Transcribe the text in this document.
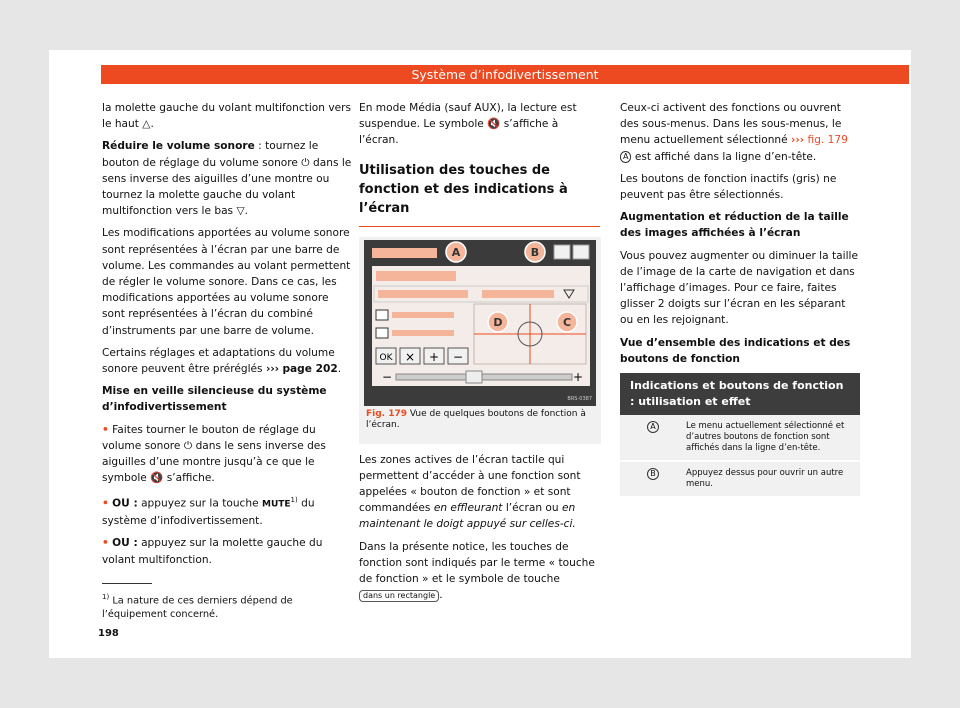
Système d’infodivertissement

la molette gauche du volant multifonction vers le haut △.

Réduire le volume sonore : tournez le bouton de réglage du volume sonore ⏻ dans le sens inverse des aiguilles d’une montre ou tournez la molette gauche du volant multifonction vers le bas ▽.

Les modifications apportées au volume sonore sont représentées à l’écran par une barre de volume. Les commandes au volant permettent de régler le volume sonore. Dans ce cas, les modifications apportées au volume sonore sont représentées à l’écran du combiné d’instruments par une barre de volume.

Certains réglages et adaptations du volume sonore peuvent être préréglés ››› page 202.

Mise en veille silencieuse du système d’infodivertissement

• Faites tourner le bouton de réglage du volume sonore ⏻ dans le sens inverse des aiguilles d’une montre jusqu’à ce que le symbole 🔇 s’affiche.

• OU : appuyez sur la touche MUTE$^{1)}$ du système d’infodivertissement.

• OU : appuyez sur la molette gauche du volant multifonction.

$^{1)}$ La nature de ces derniers dépend de l’équipement concerné.
198

En mode Média (sauf AUX), la lecture est suspendue. Le symbole 🔇 s’affiche à l’écran.

Utilisation des touches de fonction et des indications à l’écran
OK × + −
−	+
BRS-0387
A	B
C
D
Fig. 179 Vue de quelques boutons de fonction à l’écran.

Les zones actives de l’écran tactile qui permettent d’accéder à une fonction sont appelées « bouton de fonction » et sont commandées en effleurant l’écran ou en maintenant le doigt appuyé sur celles-ci.

Dans la présente notice, les touches de fonction sont indiqués par le terme « touche de fonction » et le symbole de touche dans un rectangle .

Ceux-ci activent des fonctions ou ouvrent des sous-menus. Dans les sous-menus, le menu actuellement sélectionné ››› fig. 179 A est affiché dans la ligne d’en-tête.

Les boutons de fonction inactifs (gris) ne peuvent pas être sélectionnés.

Augmentation et réduction de la taille des images affichées à l’écran

Vous pouvez augmenter ou diminuer la taille de l’image de la carte de navigation et dans l’affichage d’images. Pour ce faire, faites glisser 2 doigts sur l’écran en les séparant ou en les rejoignant.

Vue d’ensemble des indications et des boutons de fonction

Indications et boutons de fonction : utilisation et effet
A	Le menu actuellement sélectionné et d’autres boutons de fonction sont affichés dans la ligne d’en-tête.
B	Appuyez dessus pour ouvrir un autre menu.
